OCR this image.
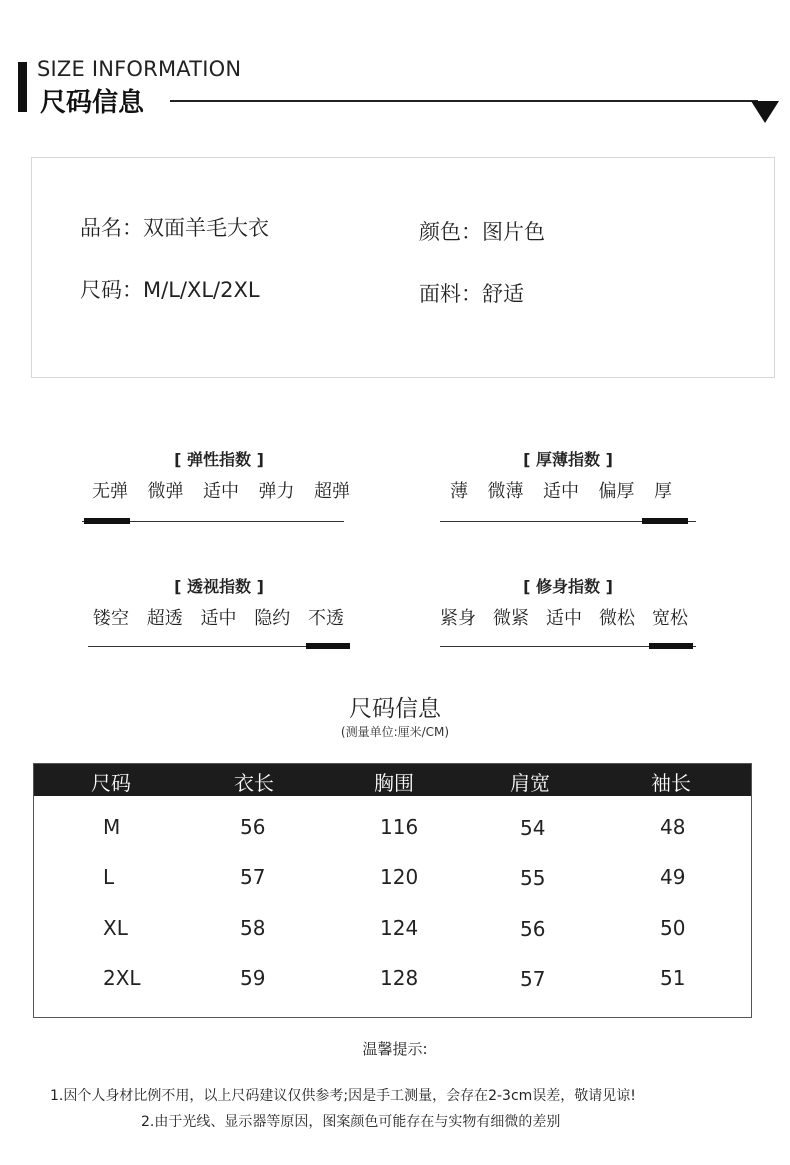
SIZE INFORMATION
尺码信息
品名：双面羊毛大衣	颜色：图片色
尺码：M/L/XL/2XL	面料：舒适
[ 弹性指数 ]
无弹 微弹 适中 弹力 超弹
[ 厚薄指数 ]
薄 微薄 适中 偏厚 厚
[ 透视指数 ]
镂空 超透 适中 隐约 不透
[ 修身指数 ]
紧身 微紧 适中 微松 宽松
尺码信息
(测量单位:厘米/CM)
尺码	衣长	胸围	肩宽	袖长
M	56	116	54	48
L	57	120	55	49
XL	58	124	56	50
2XL	59	128	57	51
温馨提示:
1.因个人身材比例不用，以上尺码建议仅供参考;因是手工测量，会存在2-3cm误差，敬请见谅!
2.由于光线、显示器等原因，图案颜色可能存在与实物有细微的差别
